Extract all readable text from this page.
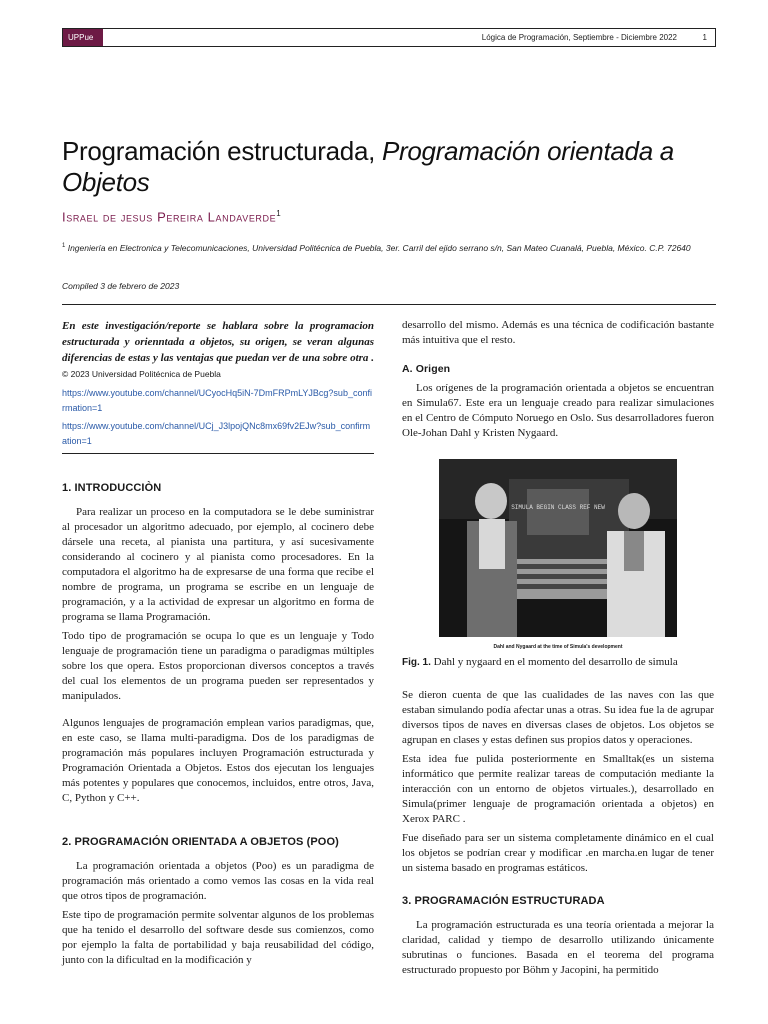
UPPue	Lógica de Programación, Septiembre - Diciembre 2022	1
Programación estructurada, Programación orientada a Objetos
Israel de jesus Pereira Landaverde$^1$
$^1$ Ingeniería en Electronica y Telecomunicaciones, Universidad Politécnica de Puebla, 3er. Carril del ejido serrano s/n, San Mateo Cuanalá, Puebla, México. C.P. 72640
Compiled 3 de febrero de 2023

En este investigación/reporte se hablara sobre la programacion estructurada y orienntada a objetos, su origen, se veran algunas diferencias de estas y las ventajas que puedan ver de una sobre otra . © 2023 Universidad Politécnica de Puebla

https://www.youtube.com/channel/UCyocHq5iN-7DmFRPmLYJBcg?sub_confirmation=1
https://www.youtube.com/channel/UCj_J3lpojQNc8mx69fv2EJw?sub_confirmation=1
1. INTRODUCCIÒN

Para realizar un proceso en la computadora se le debe suministrar al procesador un algoritmo adecuado, por ejemplo, al cocinero debe dársele una receta, al pianista una partitura, y así sucesivamente considerando al cocinero y al pianista como procesadores. En la computadora el algoritmo ha de expresarse de una forma que recibe el nombre de programa, un programa se escribe en un lenguaje de programación, y a la actividad de expresar un algoritmo en forma de programa se llama Programación.

Todo tipo de programación se ocupa lo que es un lenguaje y Todo lenguaje de programación tiene un paradigma o paradigmas múltiples sobre los que opera. Estos proporcionan diversos conceptos a través del cual los elementos de un programa pueden ser representados y manipulados.

Algunos lenguajes de programación emplean varios paradigmas, que, en este caso, se llama multi-paradigma. Dos de los paradigmas de programación más populares incluyen Programación estructurada y Programación Orientada a Objetos. Estos dos ejecutan los lenguajes más potentes y populares que conocemos, incluidos, entre otros, Java, C, Python y C++.

2. PROGRAMACIÓN ORIENTADA A OBJETOS (POO)

La programación orientada a objetos (Poo) es un paradigma de programación más orientado a como vemos las cosas en la vida real que otros tipos de programación.

Este tipo de programación permite solventar algunos de los problemas que ha tenido el desarrollo del software desde sus comienzos, como por ejemplo la falta de portabilidad y baja reusabilidad del código, junto con la dificultad en la modificación y

desarrollo del mismo. Además es una técnica de codificación bastante más intuitiva que el resto.

A. Origen

Los orígenes de la programación orientada a objetos se encuentran en Simula67. Este era un lenguaje creado para realizar simulaciones en el Centro de Cómputo Noruego en Oslo. Sus desarrolladores fueron Ole-Johan Dahl y Kristen Nygaard.

SIMULA BEGIN CLASS REF NEW
Dahl and Nygaard at the time of Simula's development

Fig. 1. Dahl y nygaard en el momento del desarrollo de simula

Se dieron cuenta de que las cualidades de las naves con las que estaban simulando podía afectar unas a otras. Su idea fue la de agrupar diversos tipos de naves en diversas clases de objetos. Los objetos se agrupan en clases y estas definen sus propios datos y operaciones.

Esta idea fue pulida posteriormente en Smalltak(es un sistema informático que permite realizar tareas de computación mediante la interacción con un entorno de objetos virtuales.), desarrollado en Simula(primer lenguaje de programación orientada a objetos) en Xerox PARC .

Fue diseñado para ser un sistema completamente dinámico en el cual los objetos se podrían crear y modificar .en marcha.en lugar de tener un sistema basado en programas estáticos.

3. PROGRAMACIÓN ESTRUCTURADA

La programación estructurada es una teoría orientada a mejorar la claridad, calidad y tiempo de desarrollo utilizando únicamente subrutinas o funciones. Basada en el teorema del programa estructurado propuesto por Böhm y Jacopini, ha permitido
